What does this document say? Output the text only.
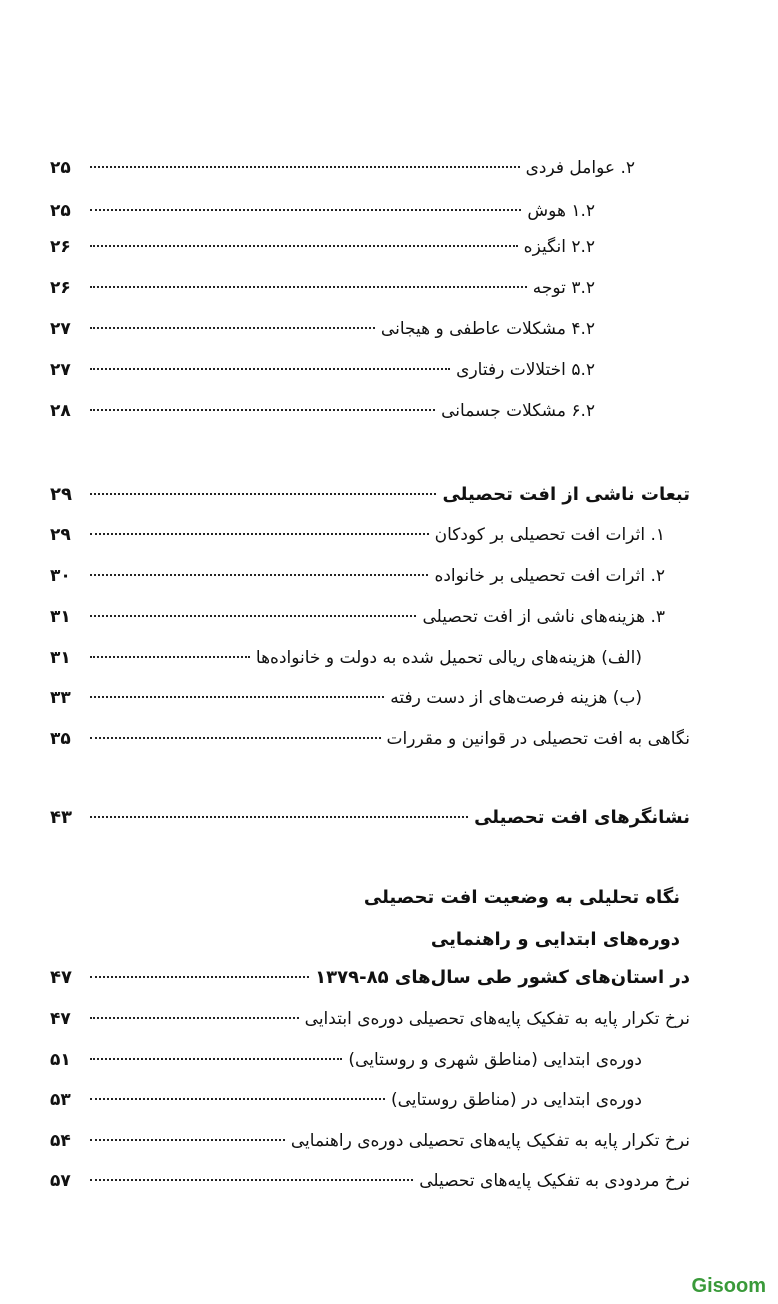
۲. عوامل فردی
۲۵
۱.۲ هوش
۲۵
۲.۲ انگیزه
۲۶
۳.۲ توجه
۲۶
۴.۲ مشکلات عاطفی و هیجانی
۲۷
۵.۲ اختلالات رفتاری
۲۷
۶.۲ مشکلات جسمانی
۲۸
تبعات ناشی از افت تحصیلی
۲۹
۱. اثرات افت تحصیلی بر کودکان
۲۹
۲. اثرات افت تحصیلی بر خانواده
۳۰
۳. هزینه‌های ناشی از افت تحصیلی
۳۱
(الف) هزینه‌های ریالی تحمیل شده به دولت و خانواده‌ها
۳۱
(ب) هزینه فرصت‌های از دست رفته
۳۳
نگاهی به افت تحصیلی در قوانین و مقررات
۳۵
نشانگرهای افت تحصیلی
۴۳
نگاه تحلیلی به وضعیت افت تحصیلی
دوره‌های ابتدایی و راهنمایی
در استان‌های کشور طی سال‌های ۸۵-۱۳۷۹
۴۷
نرخ تکرار پایه به تفکیک پایه‌های تحصیلی دوره‌ی ابتدایی
۴۷
دوره‌ی ابتدایی (مناطق شهری و روستایی)
۵۱
دوره‌ی ابتدایی در (مناطق روستایی)
۵۳
نرخ تکرار پایه به تفکیک پایه‌های تحصیلی دوره‌ی راهنمایی
۵۴
نرخ مردودی به تفکیک پایه‌های تحصیلی
۵۷
Gisoom
